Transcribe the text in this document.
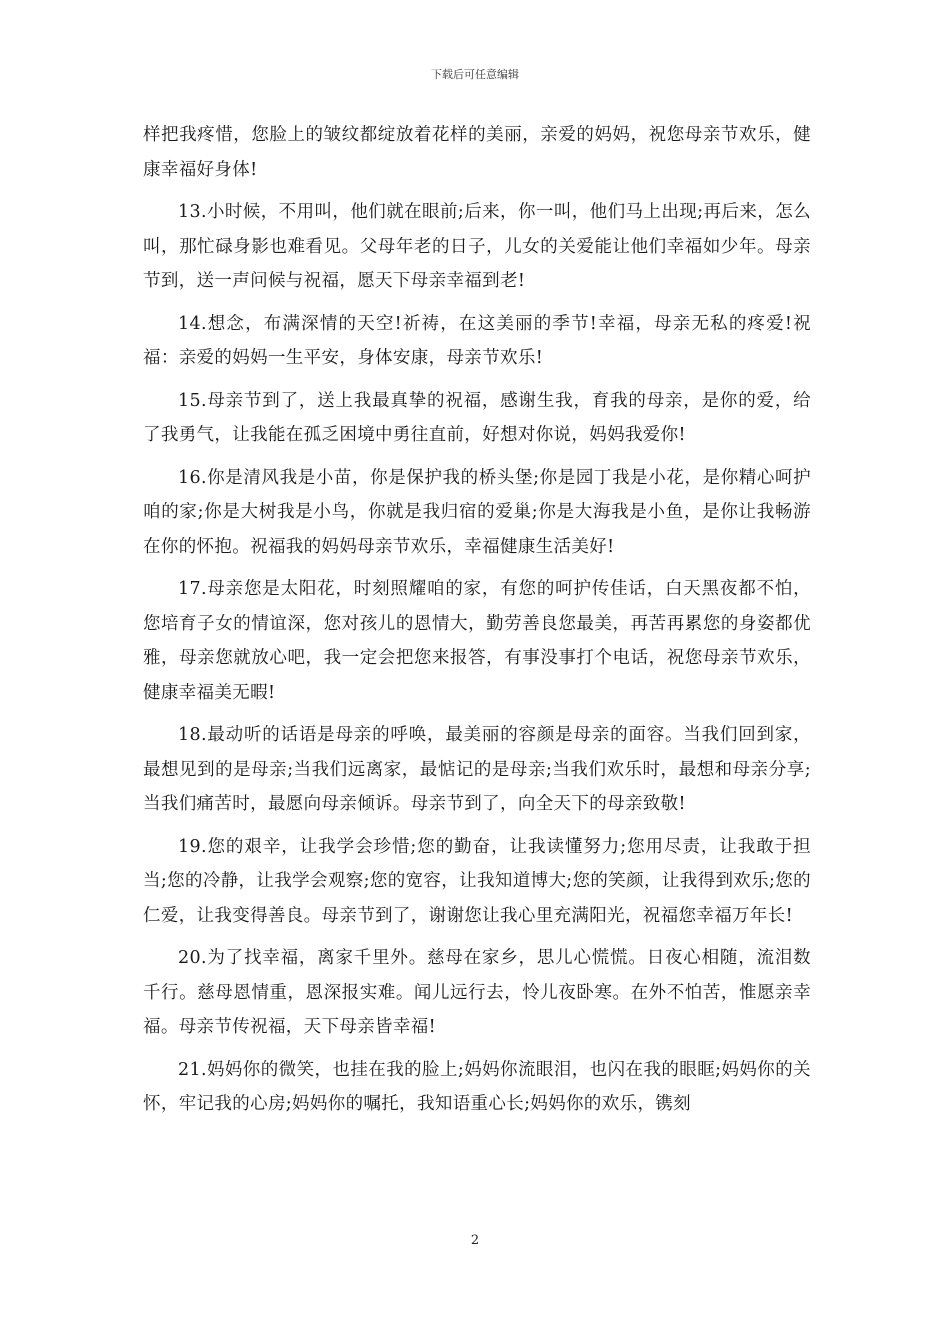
下载后可任意编辑

样把我疼惜，您脸上的皱纹都绽放着花样的美丽，亲爱的妈妈，祝您母亲节欢乐，健康幸福好身体!

13.小时候，不用叫，他们就在眼前;后来，你一叫，他们马上出现;再后来，怎么叫，那忙碌身影也难看见。父母年老的日子，儿女的关爱能让他们幸福如少年。母亲节到，送一声问候与祝福，愿天下母亲幸福到老!

14.想念，布满深情的天空!祈祷，在这美丽的季节!幸福，母亲无私的疼爱!祝福：亲爱的妈妈一生平安，身体安康，母亲节欢乐!

15.母亲节到了，送上我最真挚的祝福，感谢生我，育我的母亲，是你的爱，给了我勇气，让我能在孤乏困境中勇往直前，好想对你说，妈妈我爱你!

16.你是清风我是小苗，你是保护我的桥头堡;你是园丁我是小花，是你精心呵护咱的家;你是大树我是小鸟，你就是我归宿的爱巢;你是大海我是小鱼，是你让我畅游在你的怀抱。祝福我的妈妈母亲节欢乐，幸福健康生活美好!

17.母亲您是太阳花，时刻照耀咱的家，有您的呵护传佳话，白天黑夜都不怕，您培育子女的情谊深，您对孩儿的恩情大，勤劳善良您最美，再苦再累您的身姿都优雅，母亲您就放心吧，我一定会把您来报答，有事没事打个电话，祝您母亲节欢乐，健康幸福美无暇!

18.最动听的话语是母亲的呼唤，最美丽的容颜是母亲的面容。当我们回到家，最想见到的是母亲;当我们远离家，最惦记的是母亲;当我们欢乐时，最想和母亲分享;当我们痛苦时，最愿向母亲倾诉。母亲节到了，向全天下的母亲致敬!

19.您的艰辛，让我学会珍惜;您的勤奋，让我读懂努力;您用尽责，让我敢于担当;您的冷静，让我学会观察;您的宽容，让我知道博大;您的笑颜，让我得到欢乐;您的仁爱，让我变得善良。母亲节到了，谢谢您让我心里充满阳光，祝福您幸福万年长!

20.为了找幸福，离家千里外。慈母在家乡，思儿心慌慌。日夜心相随，流泪数千行。慈母恩情重，恩深报实难。闻儿远行去，怜儿夜卧寒。在外不怕苦，惟愿亲幸福。母亲节传祝福，天下母亲皆幸福!

21.妈妈你的微笑，也挂在我的脸上;妈妈你流眼泪，也闪在我的眼眶;妈妈你的关怀，牢记我的心房;妈妈你的嘱托，我知语重心长;妈妈你的欢乐，镌刻

2
